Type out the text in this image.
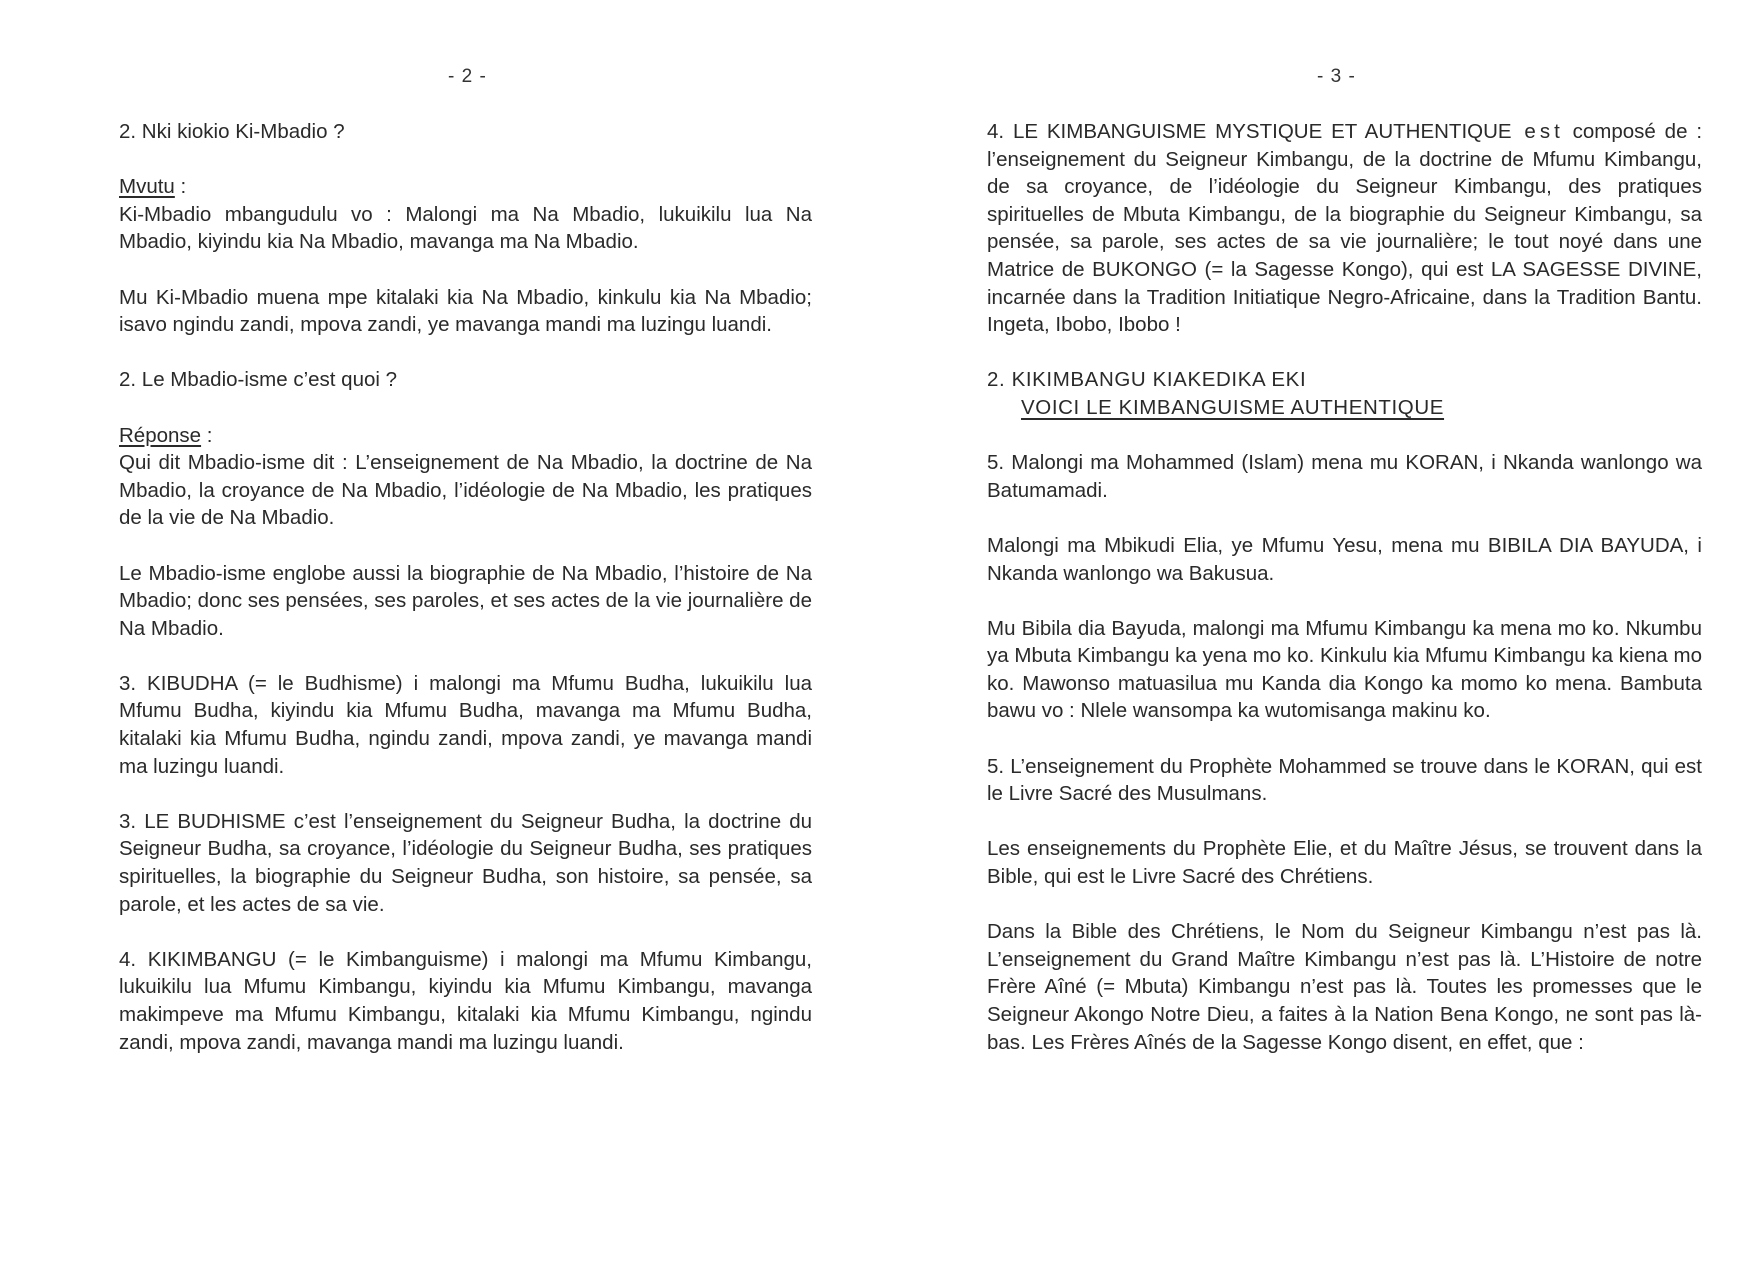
- 2 -

2. Nki kiokio Ki-Mbadio ?

Mvutu :

Ki-Mbadio mbangudulu vo : Malongi ma Na Mbadio, lukuikilu lua Na Mbadio, kiyindu kia Na Mbadio, mavanga ma Na Mbadio.

Mu Ki-Mbadio muena mpe kitalaki kia Na Mbadio, kinkulu kia Na Mbadio; isavo ngindu zandi, mpova zandi, ye mavanga mandi ma luzingu luandi.

2. Le Mbadio-isme c’est quoi ?

Réponse :

Qui dit Mbadio-isme dit : L’enseignement de Na Mbadio, la doctrine de Na Mbadio, la croyance de Na Mbadio, l’idéologie de Na Mbadio, les pratiques de la vie de Na Mbadio.

Le Mbadio-isme englobe aussi la biographie de Na Mbadio, l’histoire de Na Mbadio; donc ses pensées, ses paroles, et ses actes de la vie journalière de Na Mbadio.

3. KIBUDHA (= le Budhisme) i malongi ma Mfumu Budha, lukuikilu lua Mfumu Budha, kiyindu kia Mfumu Budha, mavanga ma Mfumu Budha, kitalaki kia Mfumu Budha, ngindu zandi, mpova zandi, ye mavanga mandi ma luzingu luandi.

3. LE BUDHISME c’est l’enseignement du Seigneur Budha, la doctrine du Seigneur Budha, sa croyance, l’idéologie du Seigneur Budha, ses pratiques spirituelles, la biographie du Seigneur Budha, son histoire, sa pensée, sa parole, et les actes de sa vie.

4. KIKIMBANGU (= le Kimbanguisme) i malongi ma Mfumu Kimbangu, lukuikilu lua Mfumu Kimbangu, kiyindu kia Mfumu Kimbangu, mavanga makimpeve ma Mfumu Kimbangu, kitalaki kia Mfumu Kimbangu, ngindu zandi, mpova zandi, mavanga mandi ma luzingu luandi.

- 3 -

4. LE KIMBANGUISME MYSTIQUE ET AUTHENTIQUE est composé de : l’enseignement du Seigneur Kimbangu, de la doctrine de Mfumu Kimbangu, de sa croyance, de l’idéologie du Seigneur Kimbangu, des pratiques spirituelles de Mbuta Kimbangu, de la biographie du Seigneur Kimbangu, sa pensée, sa parole, ses actes de sa vie journalière; le tout noyé dans une Matrice de BUKONGO (= la Sagesse Kongo), qui est LA SAGESSE DIVINE, incarnée dans la Tradition Initiatique Negro-Africaine, dans la Tradition Bantu. Ingeta, Ibobo, Ibobo !

2. KIKIMBANGU KIAKEDIKA EKI
VOICI LE KIMBANGUISME AUTHENTIQUE

5. Malongi ma Mohammed (Islam) mena mu KORAN, i Nkanda wanlongo wa Batumamadi.

Malongi ma Mbikudi Elia, ye Mfumu Yesu, mena mu BIBILA DIA BAYUDA, i Nkanda wanlongo wa Bakusua.

Mu Bibila dia Bayuda, malongi ma Mfumu Kimbangu ka mena mo ko. Nkumbu ya Mbuta Kimbangu ka yena mo ko. Kinkulu kia Mfumu Kimbangu ka kiena mo ko. Mawonso matuasilua mu Kanda dia Kongo ka momo ko mena. Bambuta bawu vo : Nlele wansompa ka wutomisanga makinu ko.

5. L’enseignement du Prophète Mohammed se trouve dans le KORAN, qui est le Livre Sacré des Musulmans.

Les enseignements du Prophète Elie, et du Maître Jésus, se trouvent dans la Bible, qui est le Livre Sacré des Chrétiens.

Dans la Bible des Chrétiens, le Nom du Seigneur Kimbangu n’est pas là. L’enseignement du Grand Maître Kimbangu n’est pas là. L’Histoire de notre Frère Aîné (= Mbuta) Kimbangu n’est pas là. Toutes les promesses que le Seigneur Akongo Notre Dieu, a faites à la Nation Bena Kongo, ne sont pas là-bas. Les Frères Aînés de la Sagesse Kongo disent, en effet, que :
